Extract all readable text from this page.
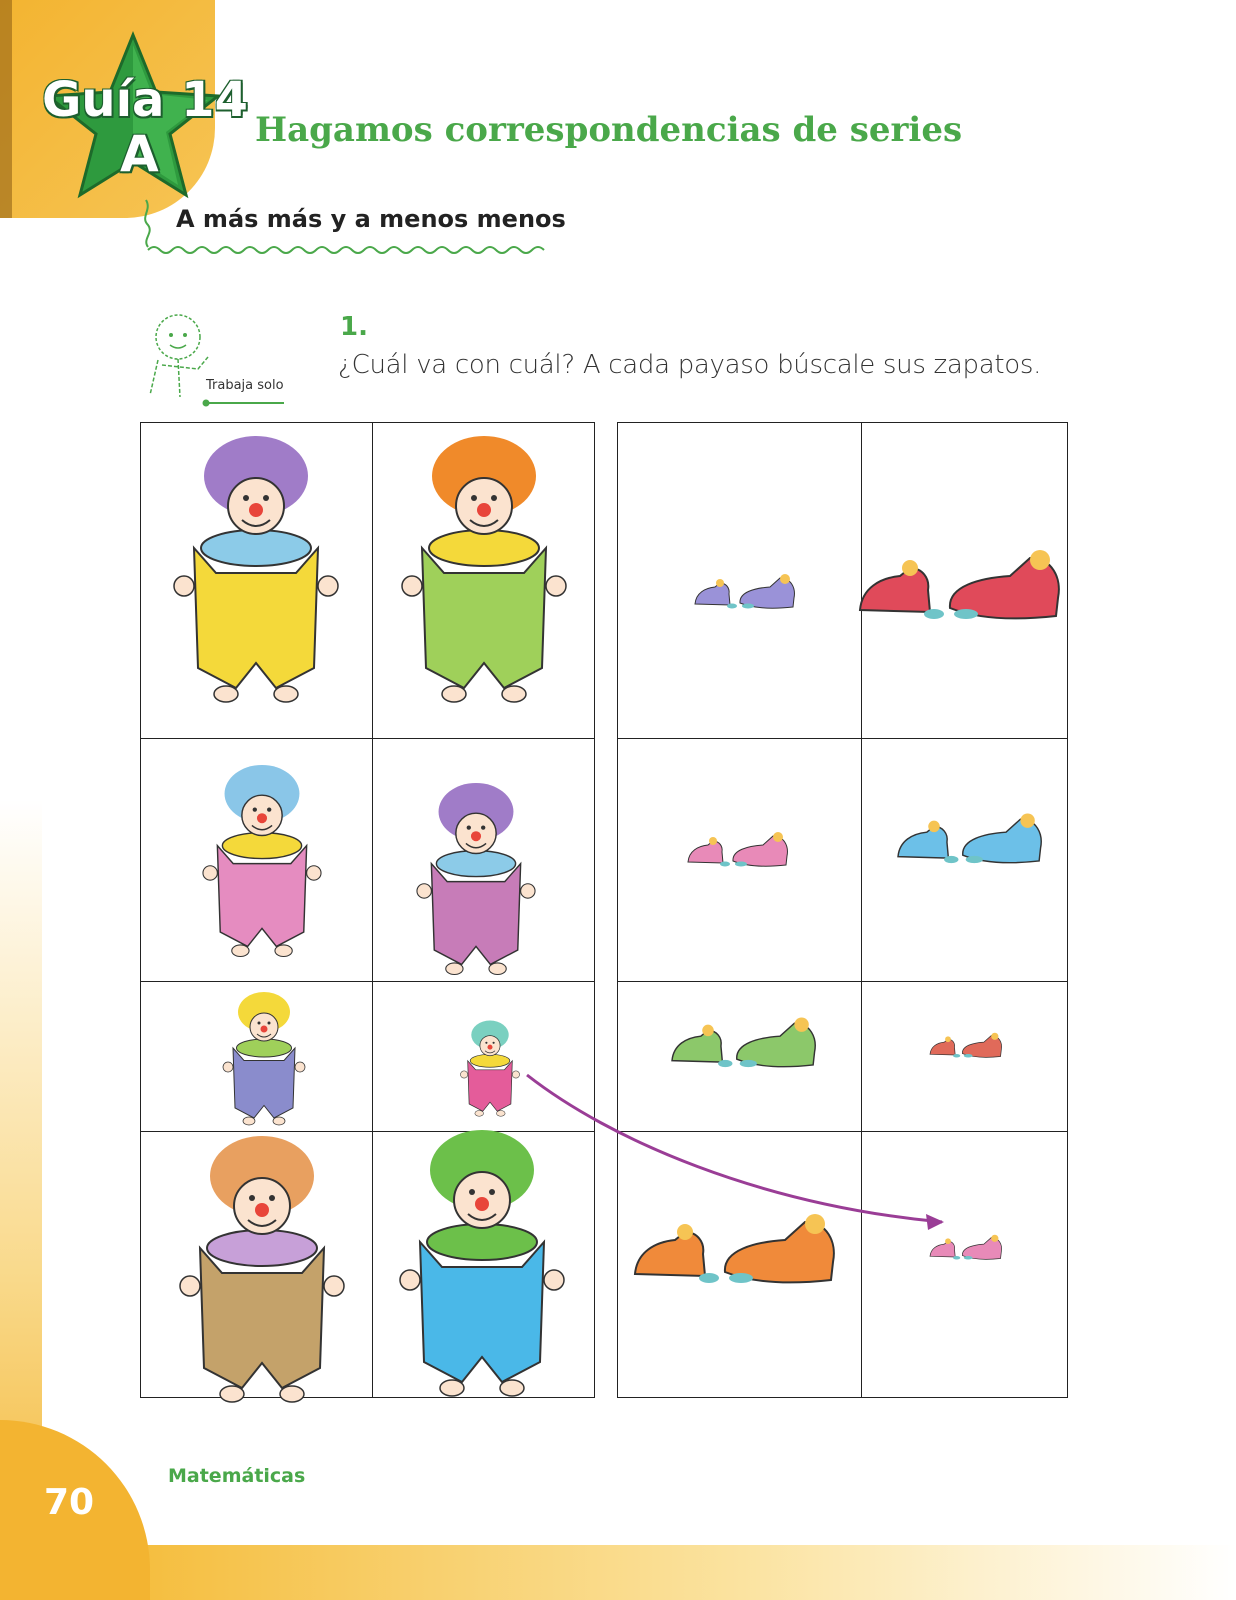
Guía 14
A	Hagamos correspondencias de series
A más más y a menos menos
Trabaja solo
1.
¿Cuál va con cuál? A cada payaso búscale sus zapatos.

Matemáticas
70
